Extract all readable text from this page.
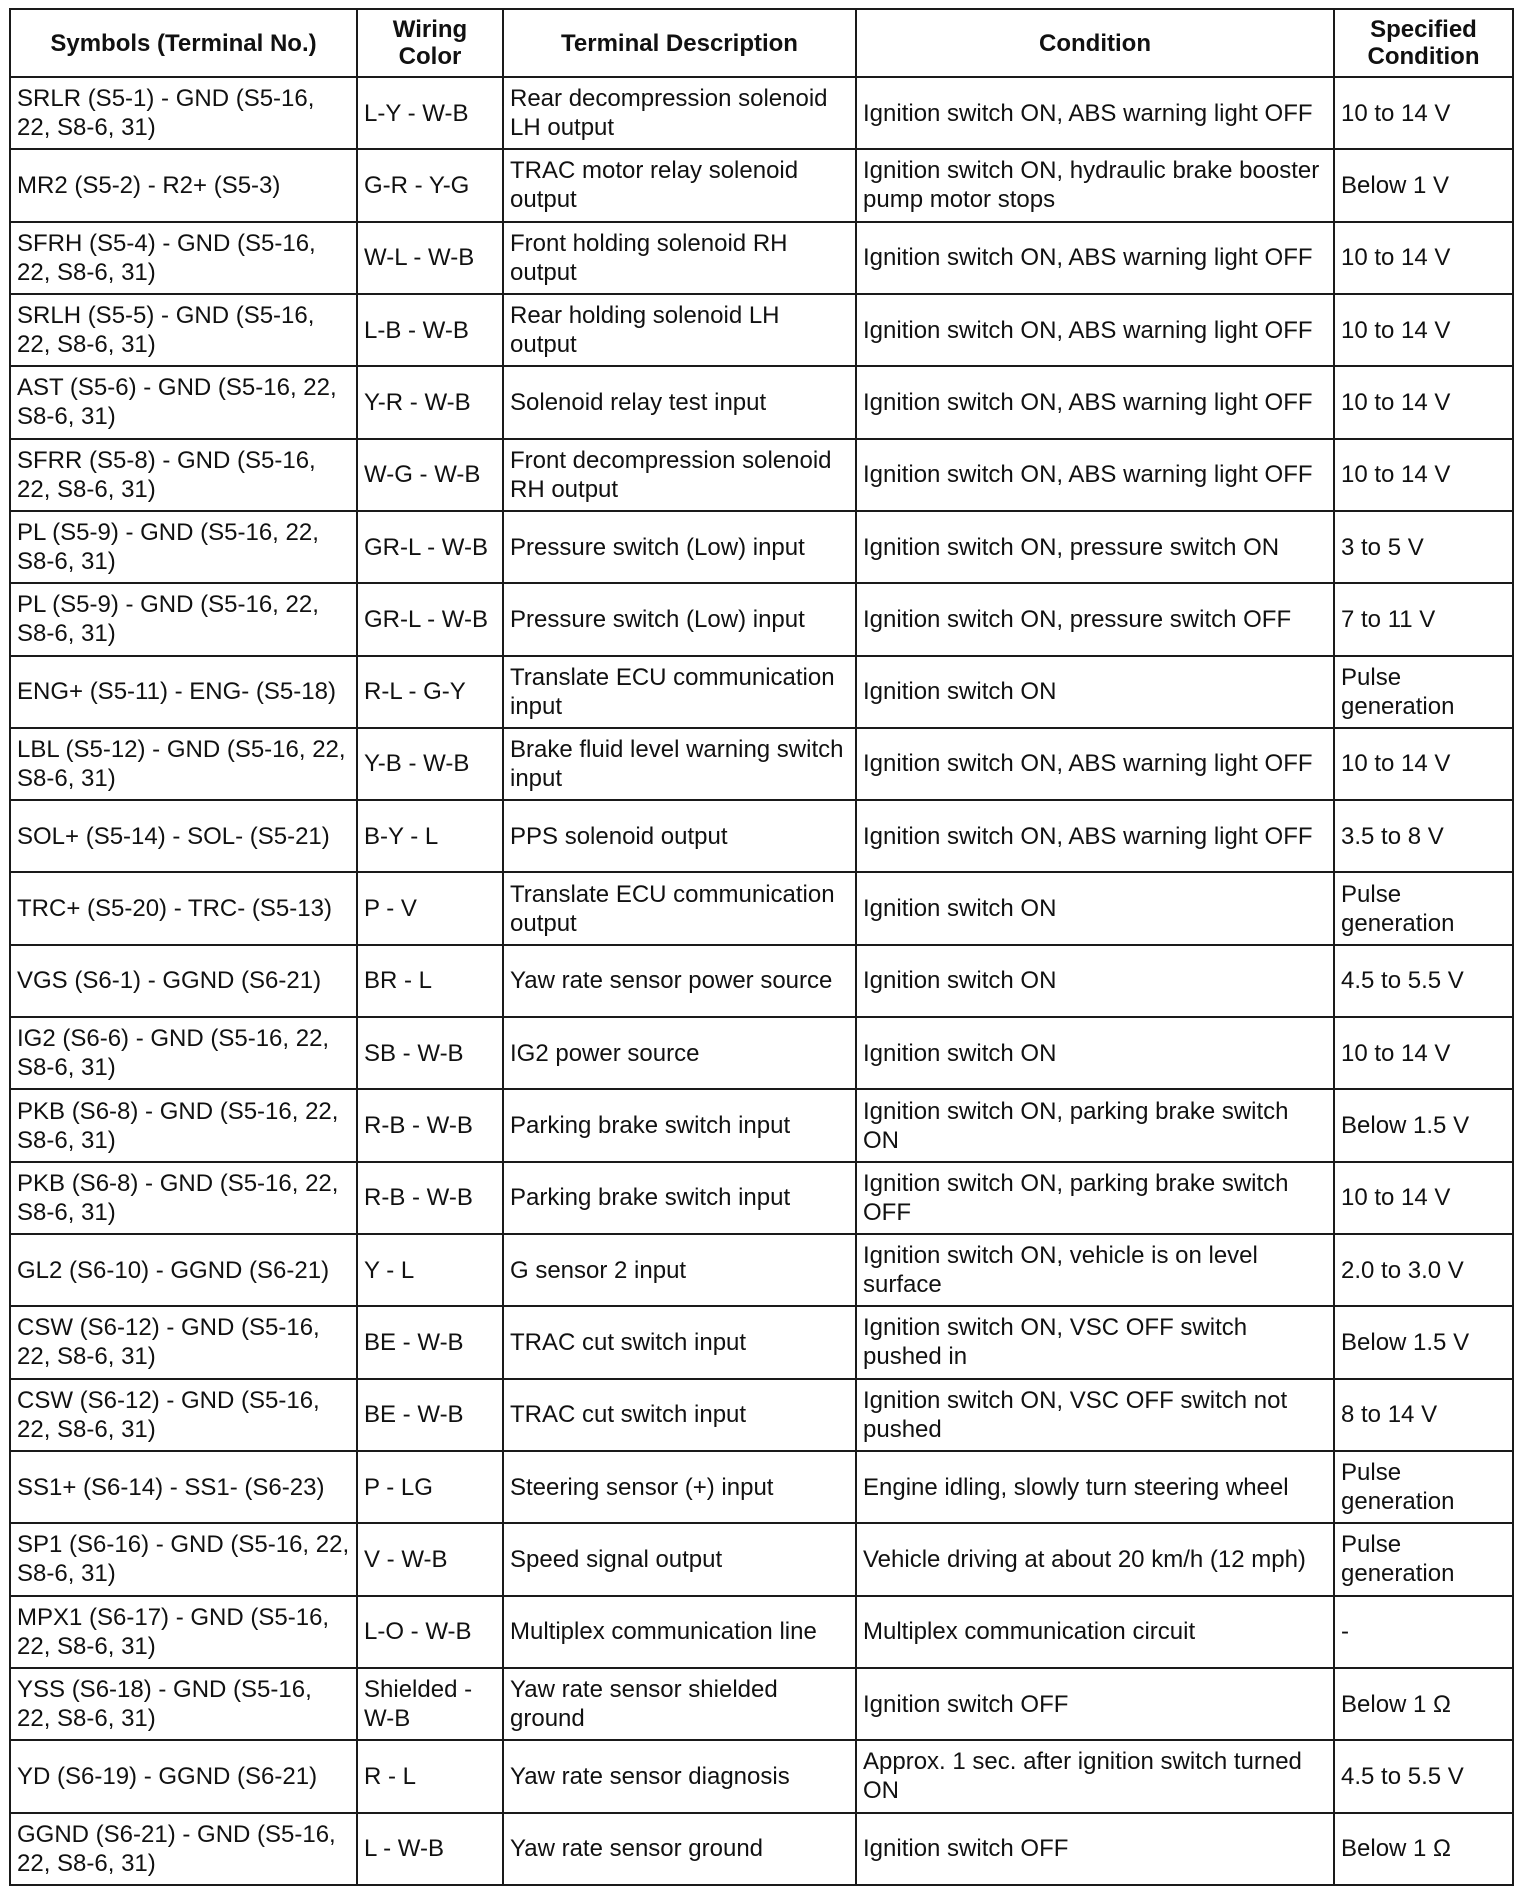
Symbols (Terminal No.)	Wiring Color	Terminal Description	Condition	Specified Condition
SRLR (S5-1) - GND (S5-16, 22, S8-6, 31)	L-Y - W-B	Rear decompression solenoid LH output	Ignition switch ON, ABS warning light OFF	10 to 14 V
MR2 (S5-2) - R2+ (S5-3)	G-R - Y-G	TRAC motor relay solenoid output	Ignition switch ON, hydraulic brake booster pump motor stops	Below 1 V
SFRH (S5-4) - GND (S5-16, 22, S8-6, 31)	W-L - W-B	Front holding solenoid RH output	Ignition switch ON, ABS warning light OFF	10 to 14 V
SRLH (S5-5) - GND (S5-16, 22, S8-6, 31)	L-B - W-B	Rear holding solenoid LH output	Ignition switch ON, ABS warning light OFF	10 to 14 V
AST (S5-6) - GND (S5-16, 22, S8-6, 31)	Y-R - W-B	Solenoid relay test input	Ignition switch ON, ABS warning light OFF	10 to 14 V
SFRR (S5-8) - GND (S5-16, 22, S8-6, 31)	W-G - W-B	Front decompression solenoid RH output	Ignition switch ON, ABS warning light OFF	10 to 14 V
PL (S5-9) - GND (S5-16, 22, S8-6, 31)	GR-L - W-B	Pressure switch (Low) input	Ignition switch ON, pressure switch ON	3 to 5 V
PL (S5-9) - GND (S5-16, 22, S8-6, 31)	GR-L - W-B	Pressure switch (Low) input	Ignition switch ON, pressure switch OFF	7 to 11 V
ENG+ (S5-11) - ENG- (S5-18)	R-L - G-Y	Translate ECU communication input	Ignition switch ON	Pulse generation
LBL (S5-12) - GND (S5-16, 22, S8-6, 31)	Y-B - W-B	Brake fluid level warning switch input	Ignition switch ON, ABS warning light OFF	10 to 14 V
SOL+ (S5-14) - SOL- (S5-21)	B-Y - L	PPS solenoid output	Ignition switch ON, ABS warning light OFF	3.5 to 8 V
TRC+ (S5-20) - TRC- (S5-13)	P - V	Translate ECU communication output	Ignition switch ON	Pulse generation
VGS (S6-1) - GGND (S6-21)	BR - L	Yaw rate sensor power source	Ignition switch ON	4.5 to 5.5 V
IG2 (S6-6) - GND (S5-16, 22, S8-6, 31)	SB - W-B	IG2 power source	Ignition switch ON	10 to 14 V
PKB (S6-8) - GND (S5-16, 22, S8-6, 31)	R-B - W-B	Parking brake switch input	Ignition switch ON, parking brake switch ON	Below 1.5 V
PKB (S6-8) - GND (S5-16, 22, S8-6, 31)	R-B - W-B	Parking brake switch input	Ignition switch ON, parking brake switch OFF	10 to 14 V
GL2 (S6-10) - GGND (S6-21)	Y - L	G sensor 2 input	Ignition switch ON, vehicle is on level surface	2.0 to 3.0 V
CSW (S6-12) - GND (S5-16, 22, S8-6, 31)	BE - W-B	TRAC cut switch input	Ignition switch ON, VSC OFF switch pushed in	Below 1.5 V
CSW (S6-12) - GND (S5-16, 22, S8-6, 31)	BE - W-B	TRAC cut switch input	Ignition switch ON, VSC OFF switch not pushed	8 to 14 V
SS1+ (S6-14) - SS1- (S6-23)	P - LG	Steering sensor (+) input	Engine idling, slowly turn steering wheel	Pulse generation
SP1 (S6-16) - GND (S5-16, 22, S8-6, 31)	V - W-B	Speed signal output	Vehicle driving at about 20 km/h (12 mph)	Pulse generation
MPX1 (S6-17) - GND (S5-16, 22, S8-6, 31)	L-O - W-B	Multiplex communication line	Multiplex communication circuit	-
YSS (S6-18) - GND (S5-16, 22, S8-6, 31)	Shielded - W-B	Yaw rate sensor shielded ground	Ignition switch OFF	Below 1 Ω
YD (S6-19) - GGND (S6-21)	R - L	Yaw rate sensor diagnosis	Approx. 1 sec. after ignition switch turned ON	4.5 to 5.5 V
GGND (S6-21) - GND (S5-16, 22, S8-6, 31)	L - W-B	Yaw rate sensor ground	Ignition switch OFF	Below 1 Ω
